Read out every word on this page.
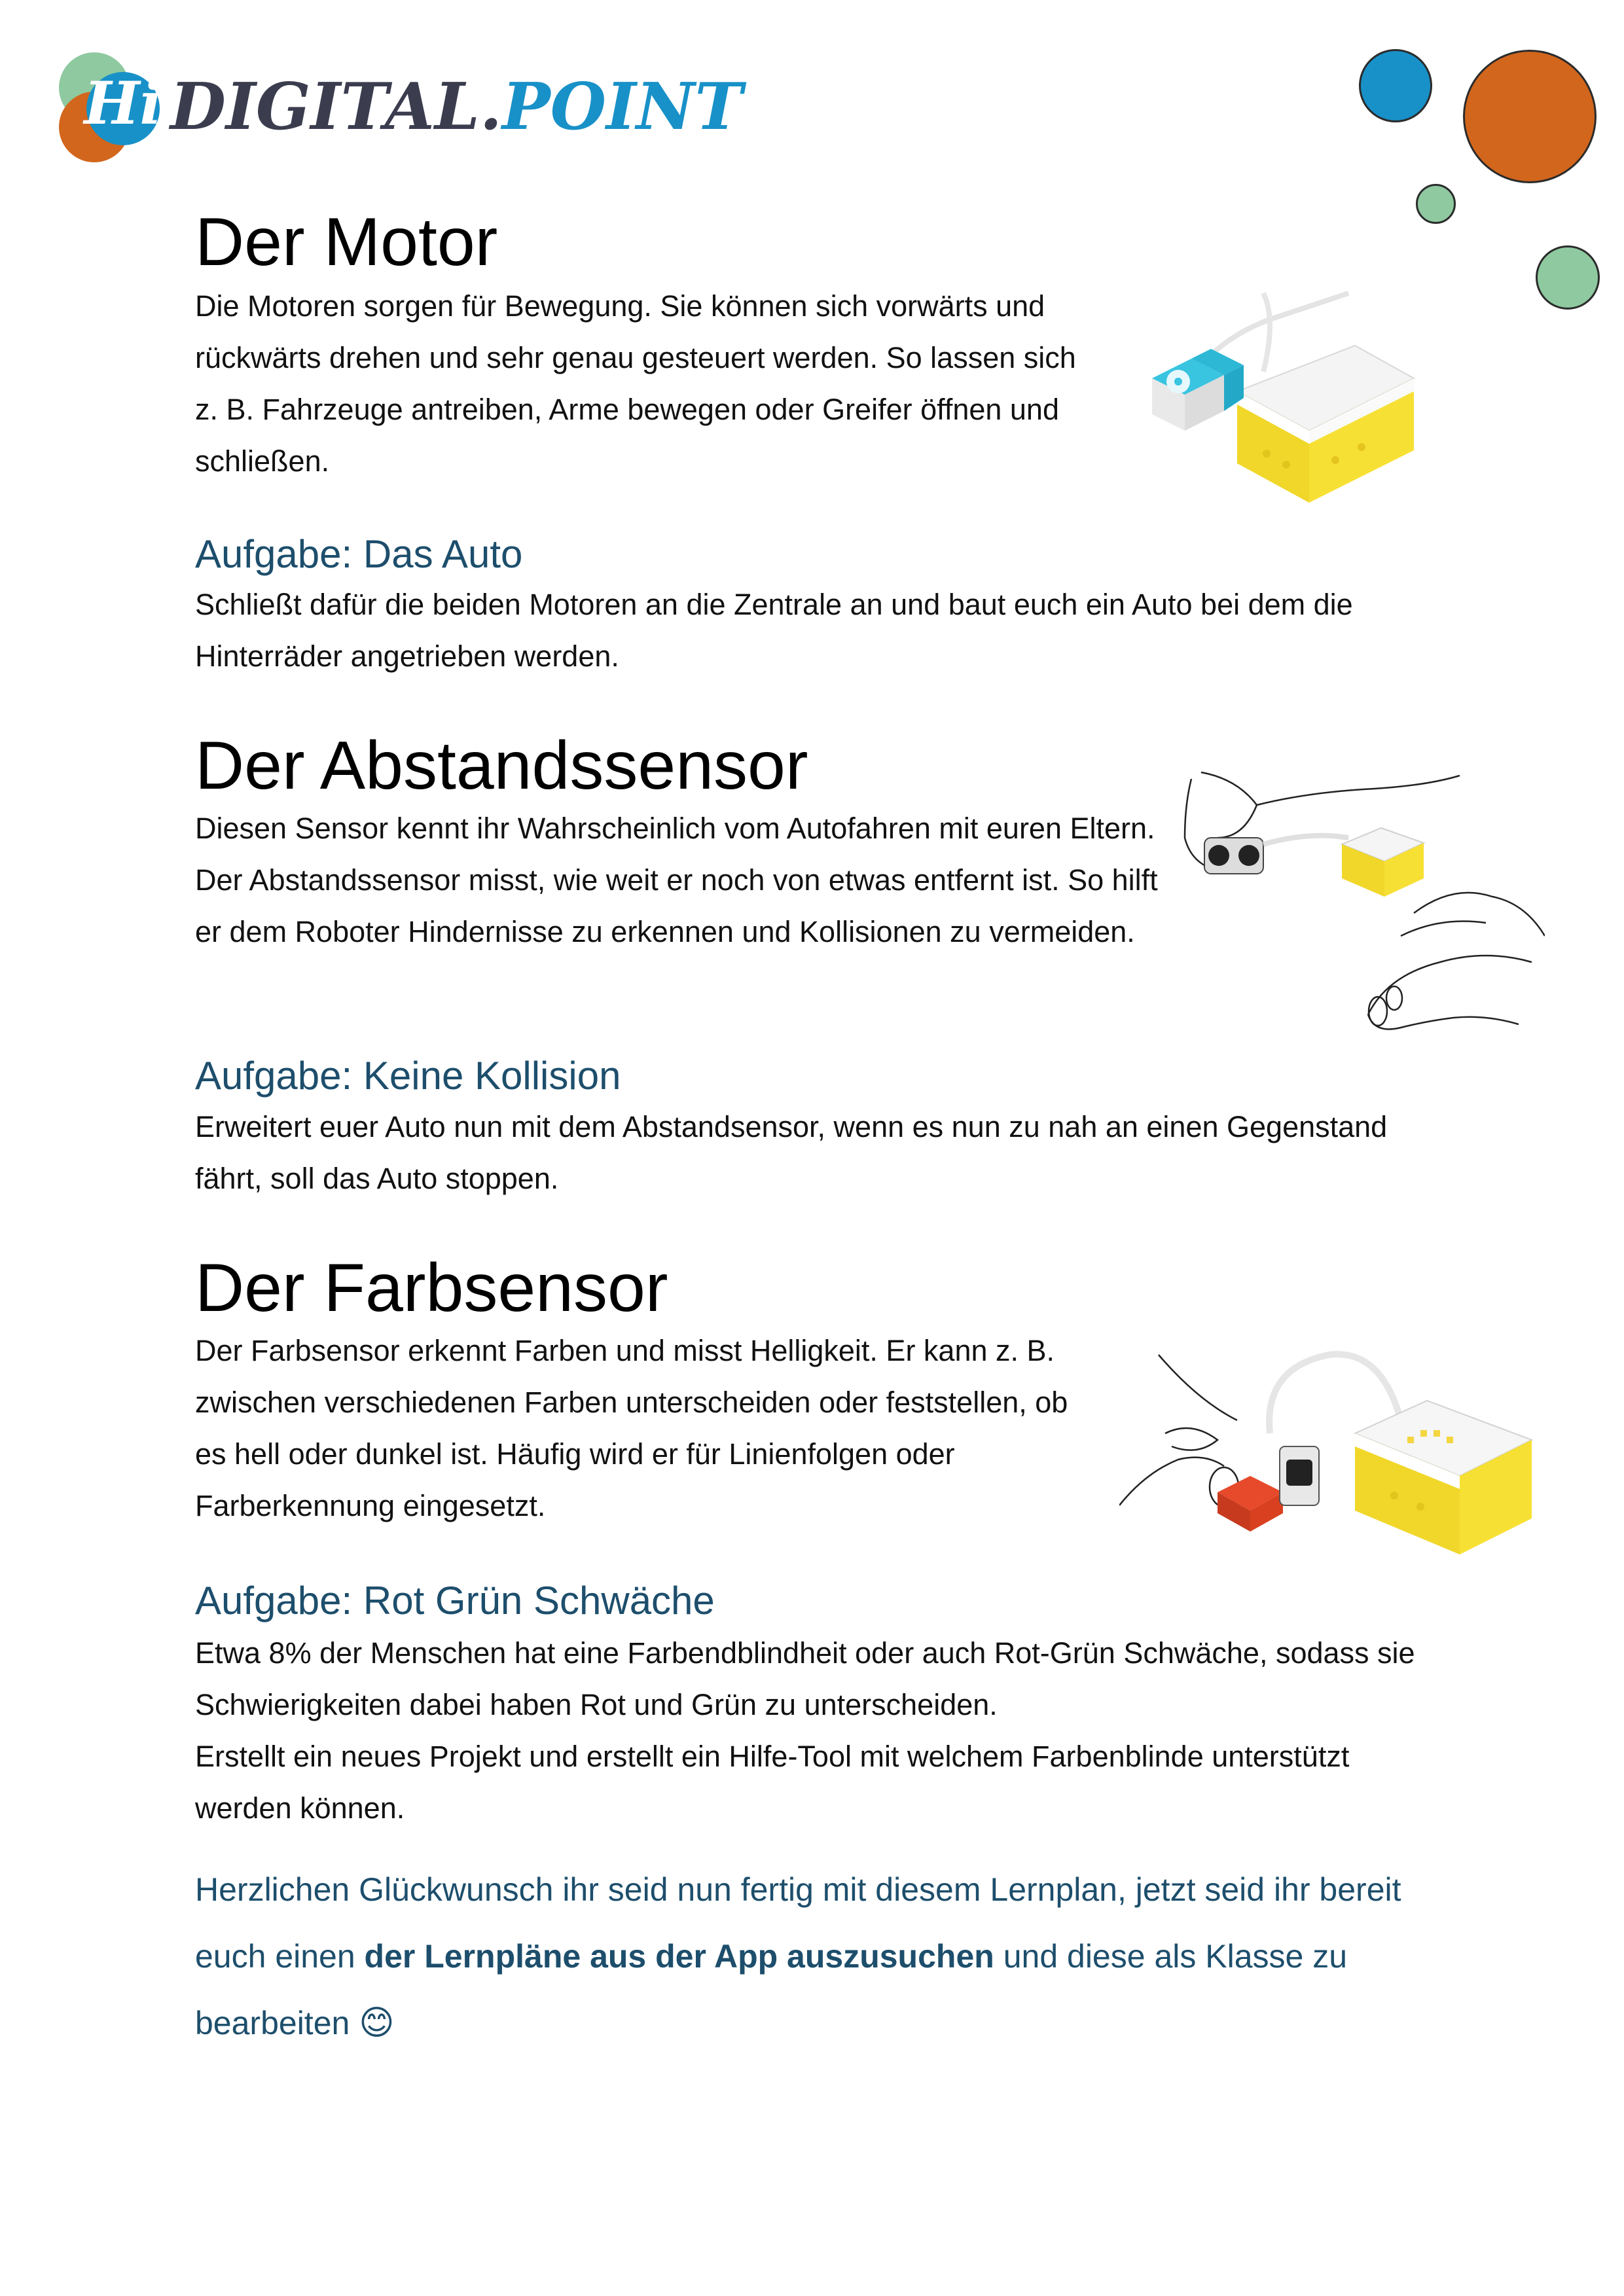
Hi DIGITAL.POINT
Der Motor
Die Motoren sorgen für Bewegung. Sie können sich vorwärts und rückwärts drehen und sehr genau gesteuert werden. So lassen sich z. B. Fahrzeuge antreiben, Arme bewegen oder Greifer öffnen und schließen.
Aufgabe: Das Auto
Schließt dafür die beiden Motoren an die Zentrale an und baut euch ein Auto bei dem die Hinterräder angetrieben werden.
Der Abstandssensor
Diesen Sensor kennt ihr Wahrscheinlich vom Autofahren mit euren Eltern. Der Abstandssensor misst, wie weit er noch von etwas entfernt ist. So hilft er dem Roboter Hindernisse zu erkennen und Kollisionen zu vermeiden.
Aufgabe: Keine Kollision
Erweitert euer Auto nun mit dem Abstandsensor, wenn es nun zu nah an einen Gegenstand fährt, soll das Auto stoppen.
Der Farbsensor
Der Farbsensor erkennt Farben und misst Helligkeit. Er kann z. B. zwischen verschiedenen Farben unterscheiden oder feststellen, ob es hell oder dunkel ist. Häufig wird er für Linienfolgen oder Farberkennung eingesetzt.
Aufgabe: Rot Grün Schwäche
Etwa 8% der Menschen hat eine Farbendblindheit oder auch Rot-Grün Schwäche, sodass sie Schwierigkeiten dabei haben Rot und Grün zu unterscheiden.
Erstellt ein neues Projekt und erstellt ein Hilfe-Tool mit welchem Farbenblinde unterstützt werden können.
Herzlichen Glückwunsch ihr seid nun fertig mit diesem Lernplan, jetzt seid ihr bereit euch einen der Lernpläne aus der App auszusuchen und diese als Klasse zu bearbeiten 😊
